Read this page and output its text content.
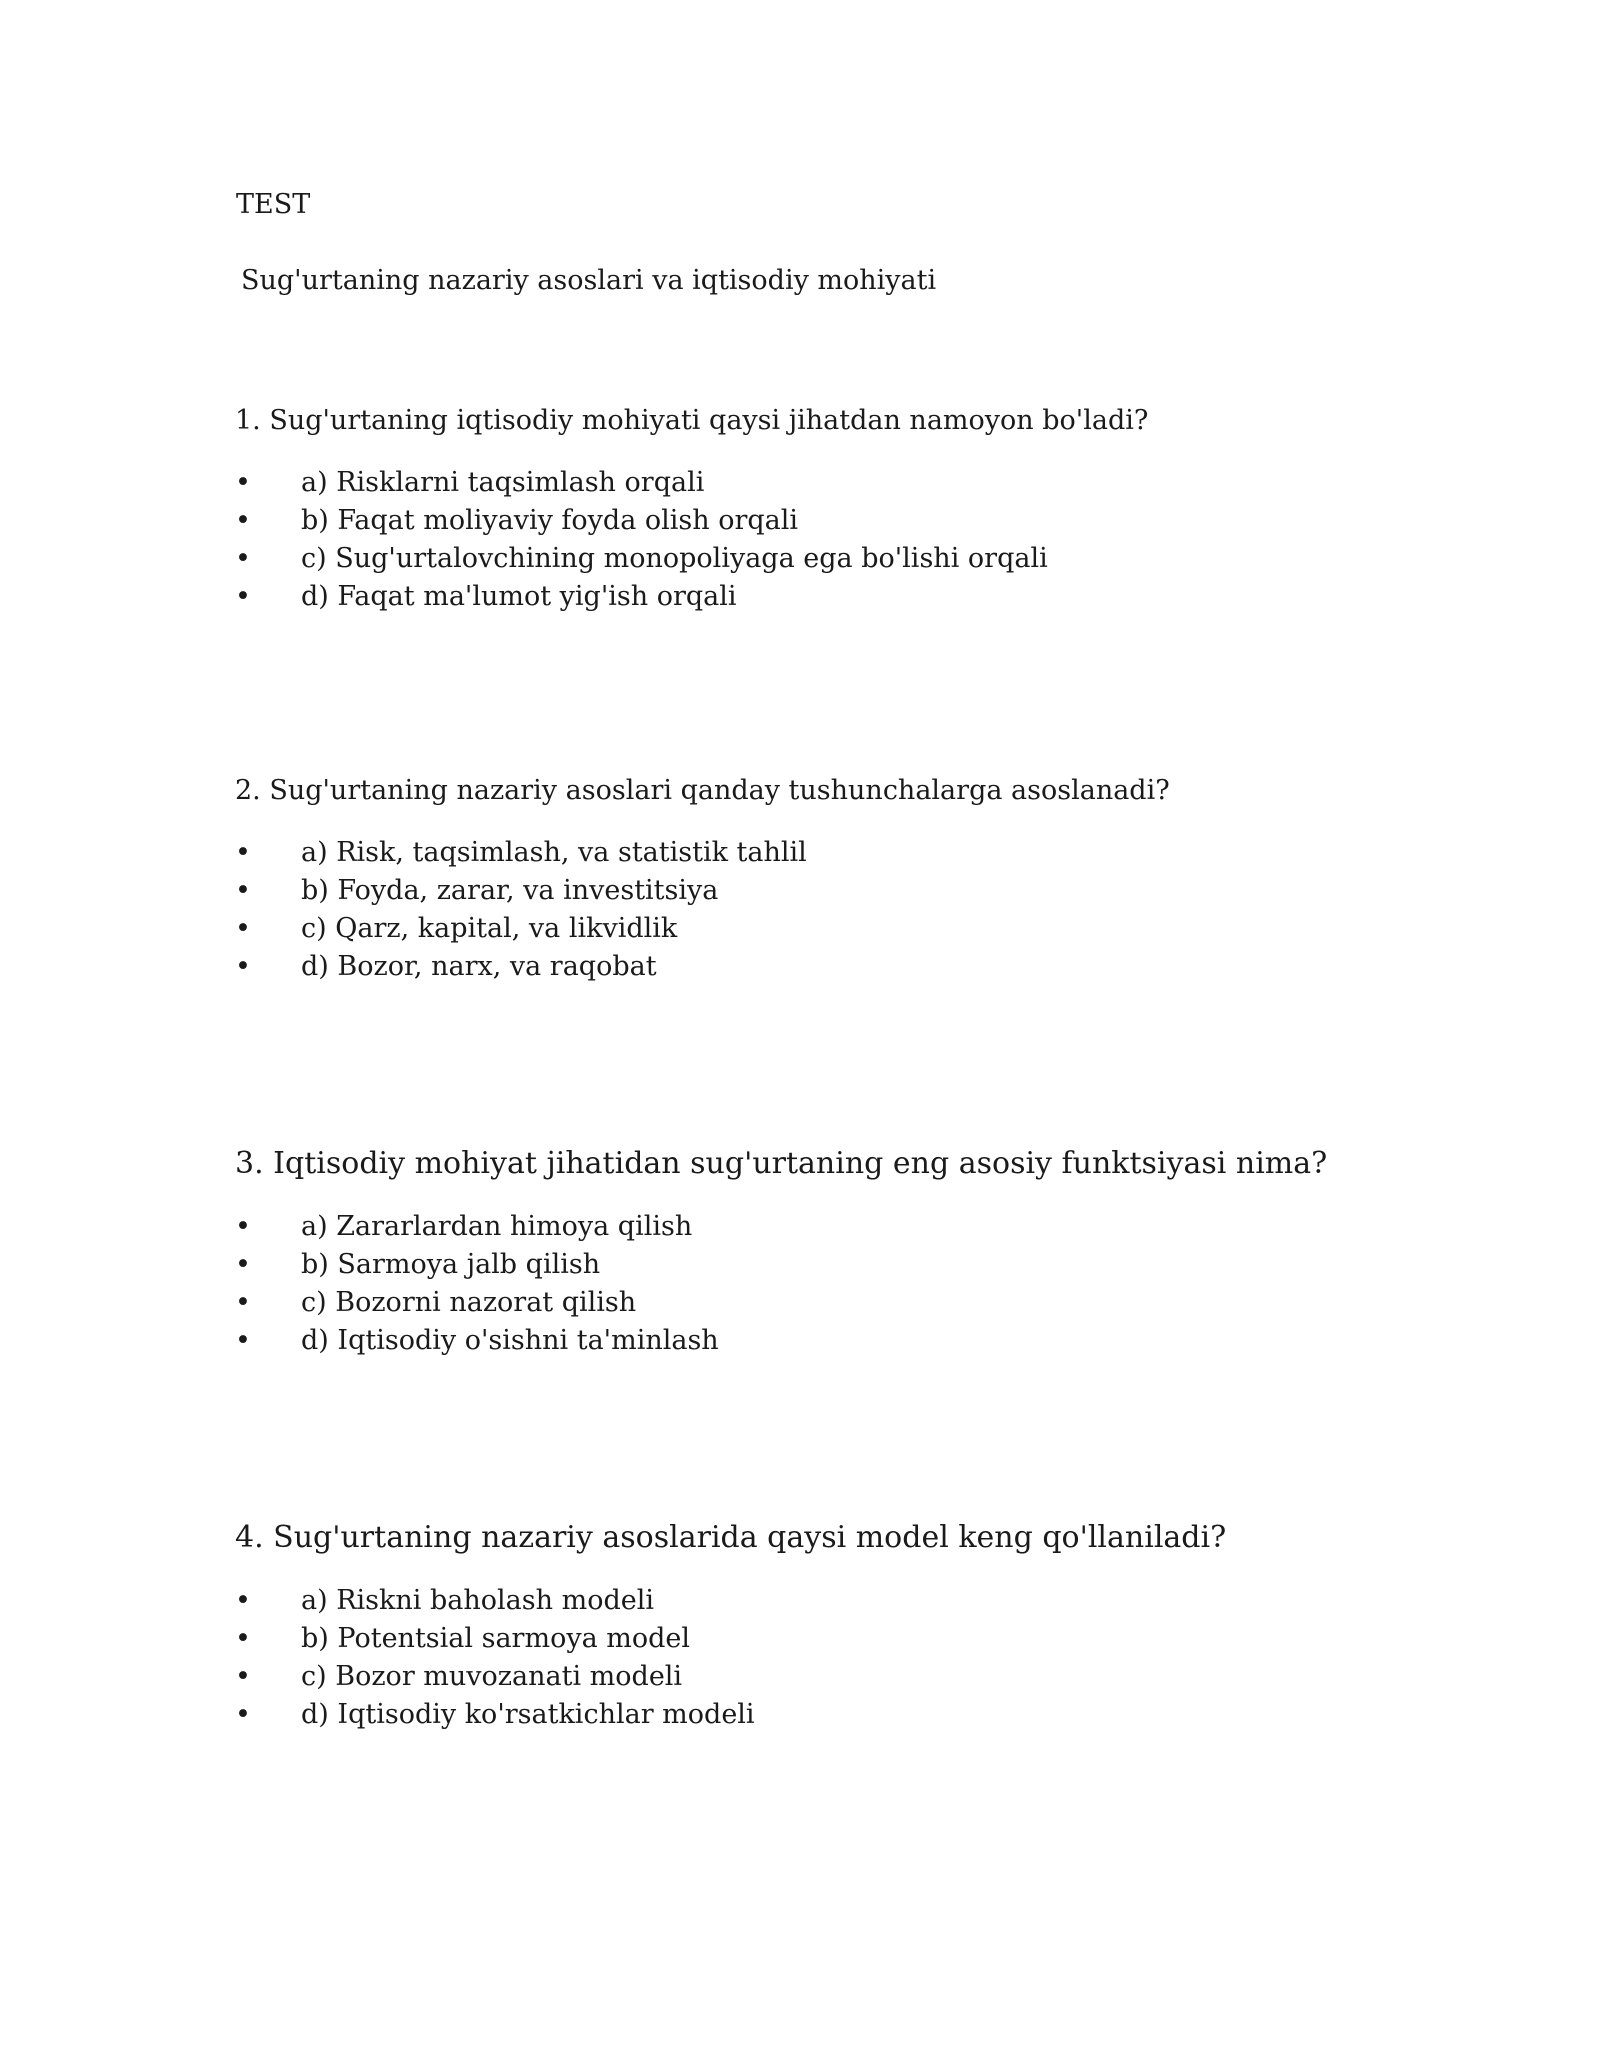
TEST
Sug'urtaning nazariy asoslari va iqtisodiy mohiyati

1. Sug'urtaning iqtisodiy mohiyati qaysi jihatdan namoyon bo'ladi?

• a) Risklarni taqsimlash orqali
• b) Faqat moliyaviy foyda olish orqali
• c) Sug'urtalovchining monopoliyaga ega bo'lishi orqali
• d) Faqat ma'lumot yig'ish orqali

2. Sug'urtaning nazariy asoslari qanday tushunchalarga asoslanadi?

• a) Risk, taqsimlash, va statistik tahlil
• b) Foyda, zarar, va investitsiya
• c) Qarz, kapital, va likvidlik
• d) Bozor, narx, va raqobat

3. Iqtisodiy mohiyat jihatidan sug'urtaning eng asosiy funktsiyasi nima?

• a) Zararlardan himoya qilish
• b) Sarmoya jalb qilish
• c) Bozorni nazorat qilish
• d) Iqtisodiy o'sishni ta'minlash

4. Sug'urtaning nazariy asoslarida qaysi model keng qo'llaniladi?

• a) Riskni baholash modeli
• b) Potentsial sarmoya model
• c) Bozor muvozanati modeli
• d) Iqtisodiy ko'rsatkichlar modeli
